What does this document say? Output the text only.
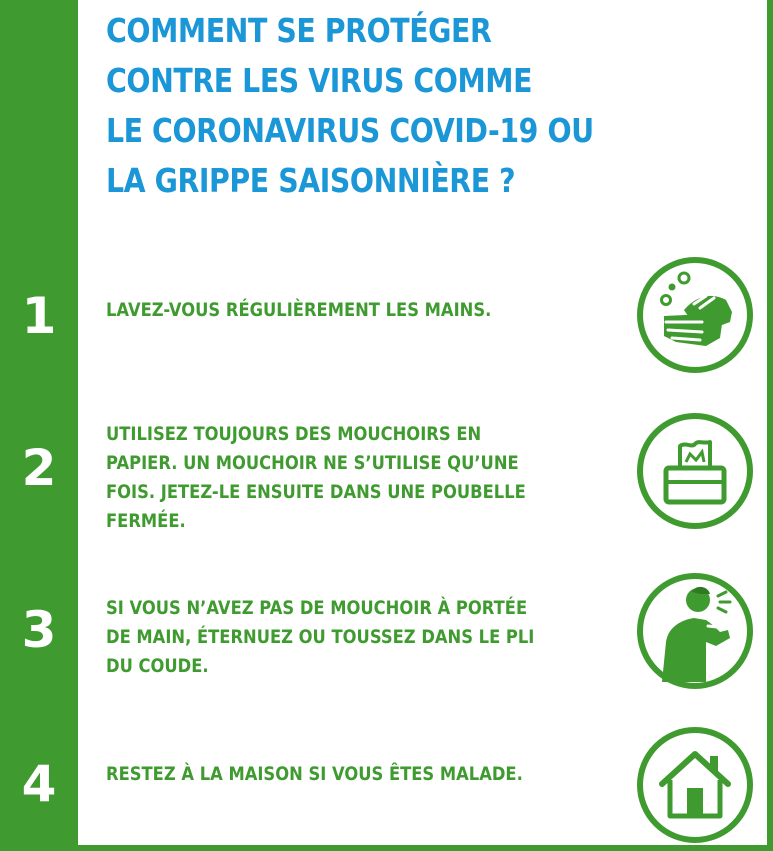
COMMENT SE PROTÉGER
CONTRE LES VIRUS COMME
LE CORONAVIRUS COVID-19 OU
LA GRIPPE SAISONNIÈRE ?
1	LAVEZ-VOUS RÉGULIÈREMENT LES MAINS.

2

UTILISEZ TOUJOURS DES MOUCHOIRS EN
PAPIER. UN MOUCHOIR NE S’UTILISE QU’UNE
FOIS. JETEZ-LE ENSUITE DANS UNE POUBELLE
FERMÉE.

3	SI VOUS N’AVEZ PAS DE MOUCHOIR À PORTÉE
DE MAIN, ÉTERNUEZ OU TOUSSEZ DANS LE PLI
DU COUDE.

4	RESTEZ À LA MAISON SI VOUS ÊTES MALADE.
